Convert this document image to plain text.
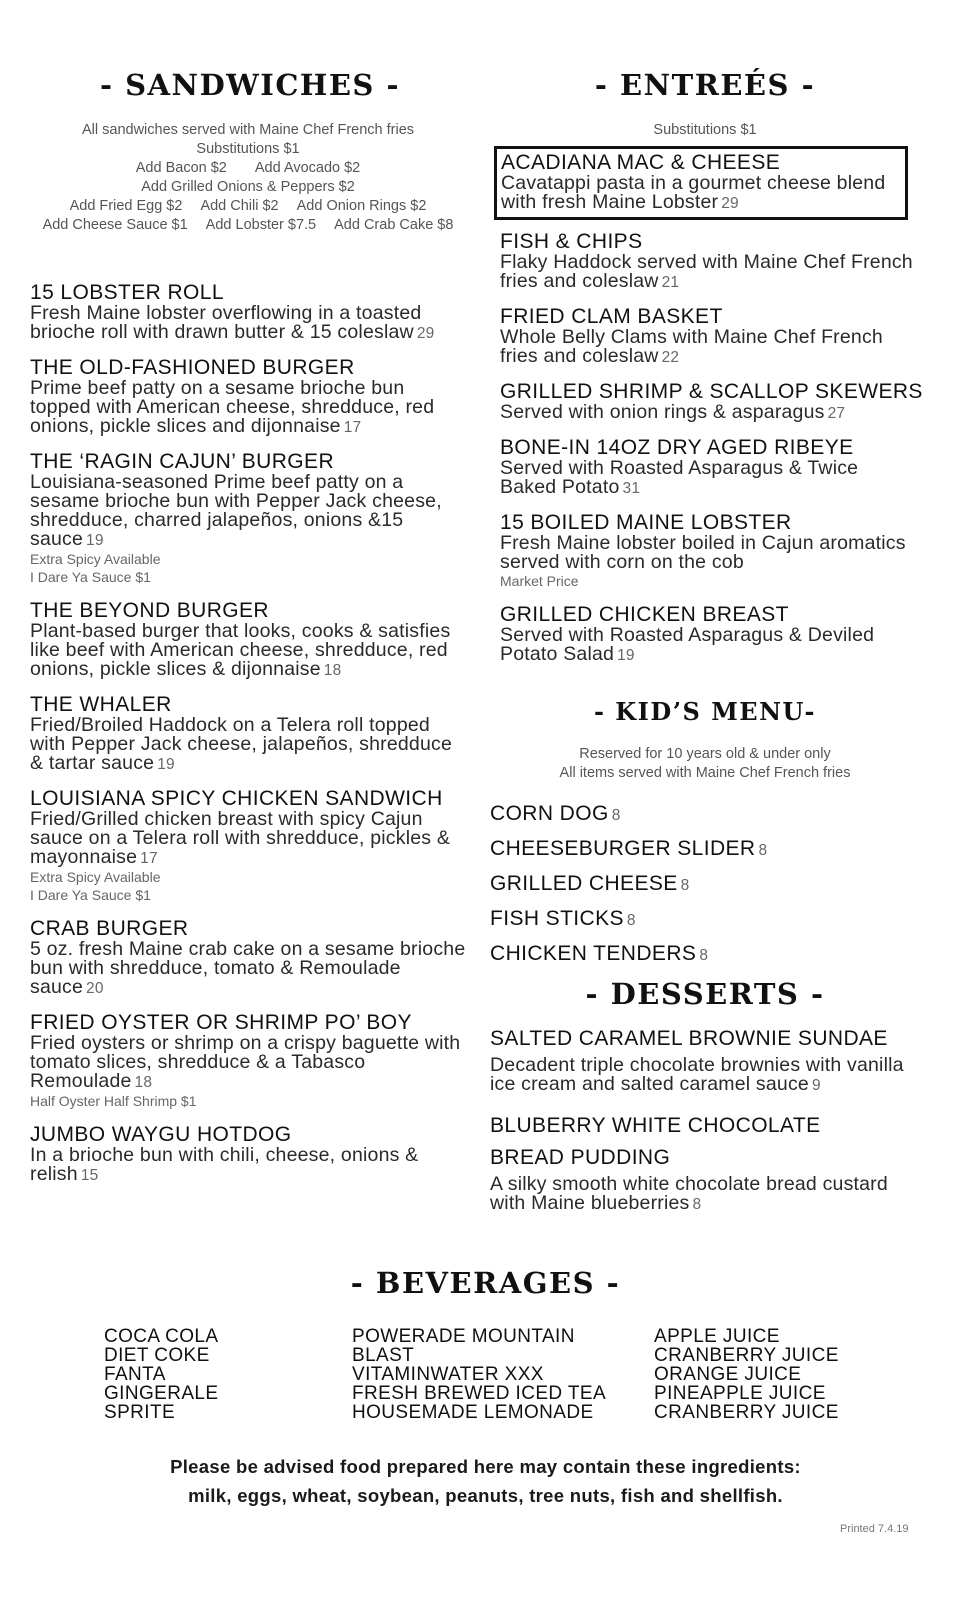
- SANDWICHES -
All sandwiches served with Maine Chef French fries
Substitutions $1
Add Bacon $2 Add Avocado $2
Add Grilled Onions & Peppers $2
Add Fried Egg $2 Add Chili $2 Add Onion Rings $2
Add Cheese Sauce $1 Add Lobster $7.5 Add Crab Cake $8
15 LOBSTER ROLL
Fresh Maine lobster overflowing in a toasted brioche roll with drawn butter & 15 coleslaw 29
THE OLD-FASHIONED BURGER
Prime beef patty on a sesame brioche bun topped with American cheese, shredduce, red onions, pickle slices and dijonnaise 17
THE ‘RAGIN CAJUN’ BURGER
Louisiana-seasoned Prime beef patty on a sesame brioche bun with Pepper Jack cheese, shredduce, charred jalapeños, onions &15 sauce 19
Extra Spicy Available
I Dare Ya Sauce $1
THE BEYOND BURGER
Plant-based burger that looks, cooks & satisfies like beef with American cheese, shredduce, red onions, pickle slices & dijonnaise 18
THE WHALER
Fried/Broiled Haddock on a Telera roll topped with Pepper Jack cheese, jalapeños, shredduce & tartar sauce 19
LOUISIANA SPICY CHICKEN SANDWICH
Fried/Grilled chicken breast with spicy Cajun sauce on a Telera roll with shredduce, pickles & mayonnaise 17
Extra Spicy Available
I Dare Ya Sauce $1
CRAB BURGER
5 oz. fresh Maine crab cake on a sesame brioche bun with shredduce, tomato & Remoulade sauce 20
FRIED OYSTER OR SHRIMP PO’ BOY
Fried oysters or shrimp on a crispy baguette with tomato slices, shredduce & a Tabasco Remoulade 18
Half Oyster Half Shrimp $1
JUMBO WAYGU HOTDOG
In a brioche bun with chili, cheese, onions & relish 15
- ENTREÉS -
Substitutions $1
ACADIANA MAC & CHEESE
Cavatappi pasta in a gourmet cheese blend with fresh Maine Lobster 29
FISH & CHIPS
Flaky Haddock served with Maine Chef French fries and coleslaw 21
FRIED CLAM BASKET
Whole Belly Clams with Maine Chef French fries and coleslaw 22
GRILLED SHRIMP & SCALLOP SKEWERS
Served with onion rings & asparagus 27
BONE-IN 14OZ DRY AGED RIBEYE
Served with Roasted Asparagus & Twice Baked Potato 31
15 BOILED MAINE LOBSTER
Fresh Maine lobster boiled in Cajun aromatics served with corn on the cob
Market Price
GRILLED CHICKEN BREAST
Served with Roasted Asparagus & Deviled Potato Salad 19
- KID’S MENU-
Reserved for 10 years old & under only
All items served with Maine Chef French fries
CORN DOG 8
CHEESEBURGER SLIDER 8
GRILLED CHEESE 8
FISH STICKS 8
CHICKEN TENDERS 8
- DESSERTS -
SALTED CARAMEL BROWNIE SUNDAE
Decadent triple chocolate brownies with vanilla ice cream and salted caramel sauce 9
BLUBERRY WHITE CHOCOLATE
BREAD PUDDING
A silky smooth white chocolate bread custard with Maine blueberries 8
- BEVERAGES -
COCA COLA
DIET COKE
FANTA
GINGERALE
SPRITE
POWERADE MOUNTAIN
BLAST
VITAMINWATER XXX
FRESH BREWED ICED TEA
HOUSEMADE LEMONADE
APPLE JUICE
CRANBERRY JUICE
ORANGE JUICE
PINEAPPLE JUICE
CRANBERRY JUICE
Please be advised food prepared here may contain these ingredients:
milk, eggs, wheat, soybean, peanuts, tree nuts, fish and shellfish.
Printed 7.4.19
